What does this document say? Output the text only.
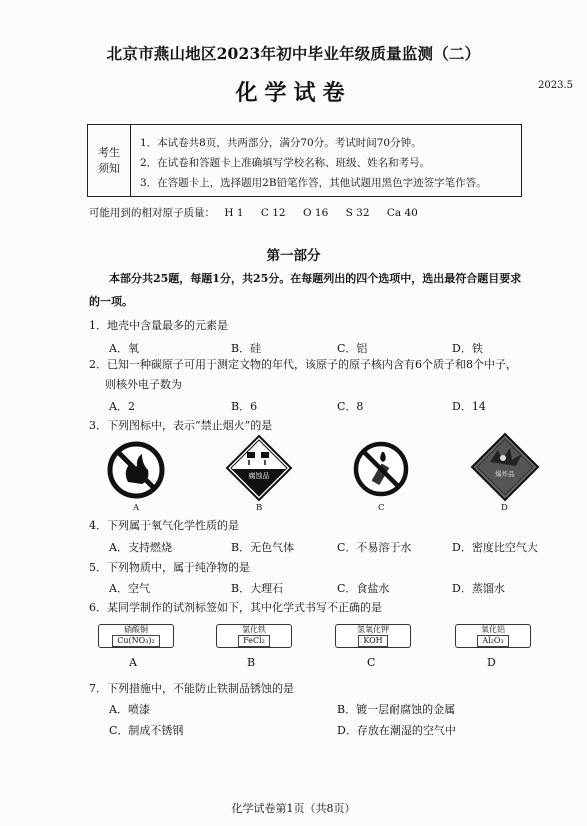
北京市燕山地区2023年初中毕业年级质量监测（二）
化学试卷	2023.5
考生
须知
1．本试卷共8页，共两部分，满分70分。考试时间70分钟。
2．在试卷和答题卡上准确填写学校名称、班级、姓名和考号。
3．在答题卡上，选择题用2B铅笔作答，其他试题用黑色字迹签字笔作答。
可能用到的相对原子质量： H 1 C 12 O 16 S 32 Ca 40
第一部分
本部分共25题，每题1分，共25分。在每题列出的四个选项中，选出最符合题目要求
的一项。
1．地壳中含量最多的元素是
A．氧	B．硅	C．铝	D．铁
2．已知一种碳原子可用于测定文物的年代，该原子的原子核内含有6个质子和8个中子，
则核外电子数为
A．2	B．6	C．8	D．14
3．下列图标中，表示“禁止烟火”的是
A
腐蚀品
B	C
爆炸品
D
4．下列属于氧气化学性质的是
A．支持燃烧	B．无色气体	C．不易溶于水	D．密度比空气大
5．下列物质中，属于纯净物的是
A．空气	B．大理石	C．食盐水	D．蒸馏水
6．某同学制作的试剂标签如下，其中化学式书写不正确的是
硝酸铜
Cu(NO₃)₂
A
氯化铁
FeCl₂
B
氢氧化钾
KOH
C
氧化铝
Al₂O₃
D
7．下列措施中，不能防止铁制品锈蚀的是
A．喷漆	B．镀一层耐腐蚀的金属
C．制成不锈钢	D．存放在潮湿的空气中
化学试卷第1页（共8页）
